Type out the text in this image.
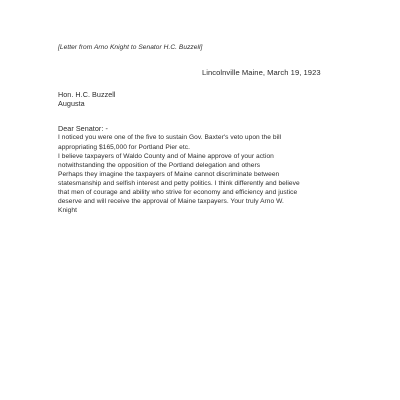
[Letter from Arno Knight to Senator H.C. Buzzell]
Lincolnville Maine, March 19, 1923
Hon. H.C. Buzzell
Augusta
Dear Senator: -
I noticed you were one of the five to sustain Gov. Baxter's veto upon the bill
appropriating $165,000 for Portland Pier etc.
I believe taxpayers of Waldo County and of Maine approve of your action
notwithstanding the opposition of the Portland delegation and others
Perhaps they imagine the taxpayers of Maine cannot discriminate between
statesmanship and selfish interest and petty politics. I think differently and believe
that men of courage and ability who strive for economy and efficiency and justice
deserve and will receive the approval of Maine taxpayers. Your truly Arno W.
Knight
